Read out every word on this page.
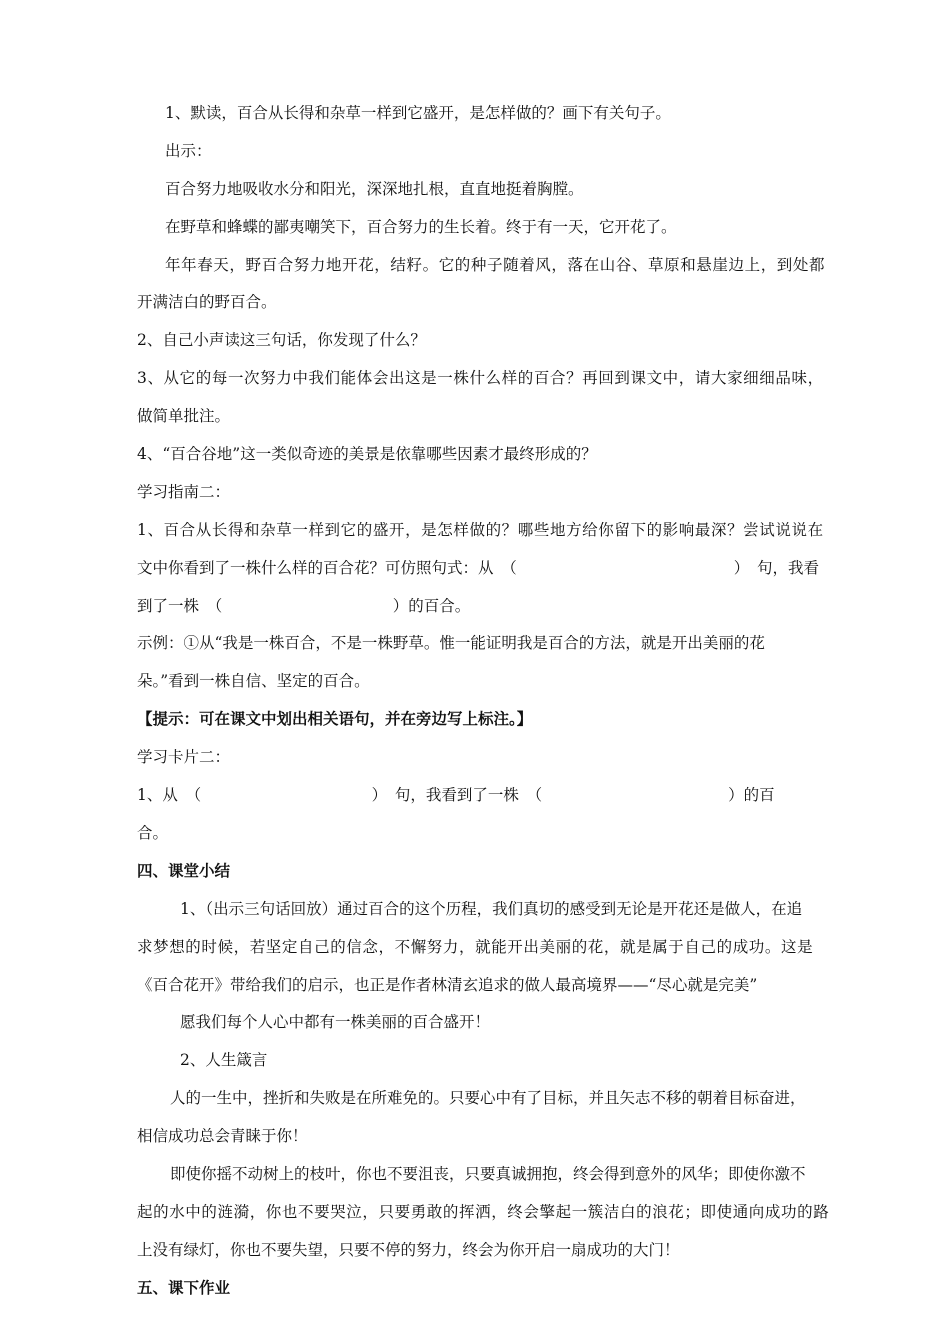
1、默读，百合从长得和杂草一样到它盛开，是怎样做的？画下有关句子。
出示：
百合努力地吸收水分和阳光，深深地扎根，直直地挺着胸膛。
在野草和蜂蝶的鄙夷嘲笑下，百合努力的生长着。终于有一天，它开花了。
年年春天，野百合努力地开花，结籽。它的种子随着风，落在山谷、草原和悬崖边上，到处都
开满洁白的野百合。
2、自己小声读这三句话，你发现了什么？
3、从它的每一次努力中我们能体会出这是一株什么样的百合？再回到课文中，请大家细细品味，
做简单批注。
4、“百合谷地”这一类似奇迹的美景是依靠哪些因素才最终形成的？
学习指南二：
1、百合从长得和杂草一样到它的盛开，是怎样做的？哪些地方给你留下的影响最深？尝试说说在
文中你看到了一株什么样的百合花？可仿照句式：从　（　　　　　　　　　　　　　　）　句，我看
到了一株　（　　　　　　　　　　　）的百合。
示例：①从“我是一株百合，不是一株野草。惟一能证明我是百合的方法，就是开出美丽的花
朵。”看到一株自信、坚定的百合。
【提示：可在课文中划出相关语句，并在旁边写上标注。】
学习卡片二：
1、从　（　　　　　　　　　　　）　句，我看到了一株　（　　　　　　　　　　　　）的百
合。
四、课堂小结
1、（出示三句话回放）通过百合的这个历程，我们真切的感受到无论是开花还是做人，在追
求梦想的时候，若坚定自己的信念，不懈努力，就能开出美丽的花，就是属于自己的成功。这是
《百合花开》带给我们的启示，也正是作者林清玄追求的做人最高境界——“尽心就是完美”
愿我们每个人心中都有一株美丽的百合盛开！
2、人生箴言
人的一生中，挫折和失败是在所难免的。只要心中有了目标，并且矢志不移的朝着目标奋进，
相信成功总会青睐于你！
即使你摇不动树上的枝叶，你也不要沮丧，只要真诚拥抱，终会得到意外的风华；即使你激不
起的水中的涟漪，你也不要哭泣，只要勇敢的挥洒，终会擎起一簇洁白的浪花；即使通向成功的路
上没有绿灯，你也不要失望，只要不停的努力，终会为你开启一扇成功的大门！
五、课下作业
